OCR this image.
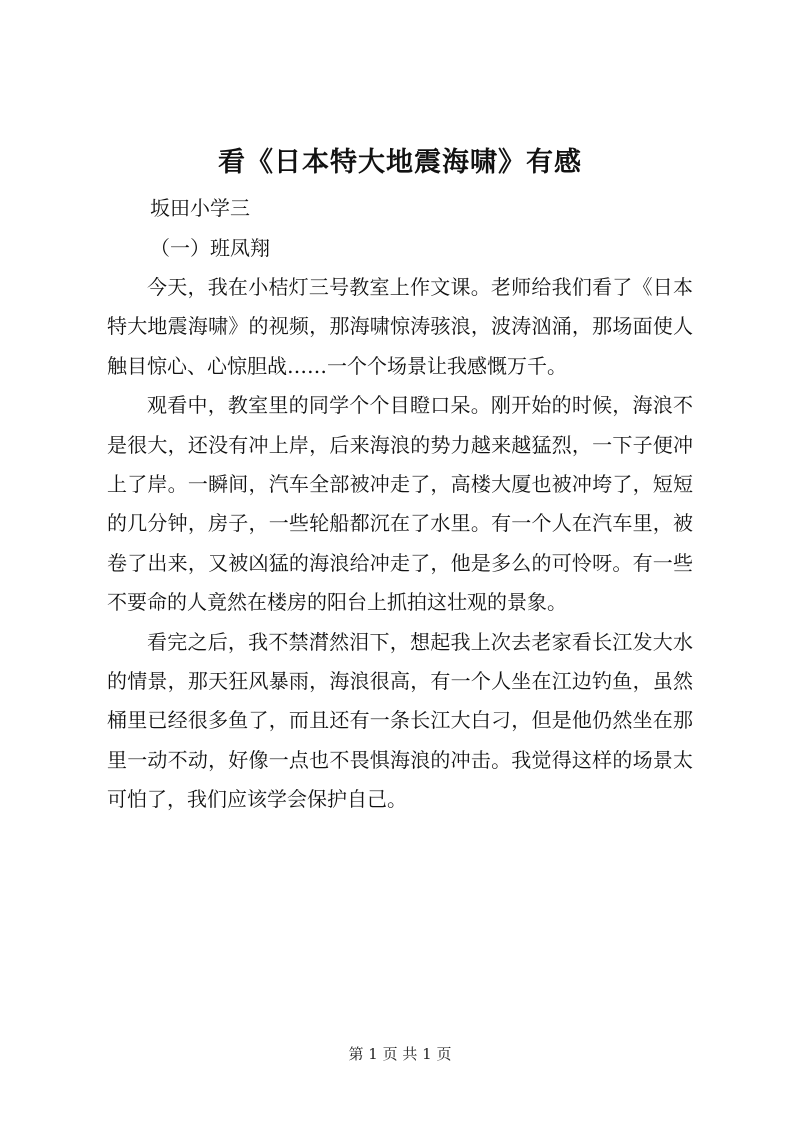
看《日本特大地震海啸》有感
坂田小学三
（一）班凤翔

今天，我在小桔灯三号教室上作文课。老师给我们看了《日本特大地震海啸》的视频，那海啸惊涛骇浪，波涛汹涌，那场面使人触目惊心、心惊胆战……一个个场景让我感慨万千。

观看中，教室里的同学个个目瞪口呆。刚开始的时候，海浪不是很大，还没有冲上岸，后来海浪的势力越来越猛烈，一下子便冲上了岸。一瞬间，汽车全部被冲走了，高楼大厦也被冲垮了，短短的几分钟，房子，一些轮船都沉在了水里。有一个人在汽车里，被卷了出来，又被凶猛的海浪给冲走了，他是多么的可怜呀。有一些不要命的人竟然在楼房的阳台上抓拍这壮观的景象。

看完之后，我不禁潸然泪下，想起我上次去老家看长江发大水的情景，那天狂风暴雨，海浪很高，有一个人坐在江边钓鱼，虽然桶里已经很多鱼了，而且还有一条长江大白刁，但是他仍然坐在那里一动不动，好像一点也不畏惧海浪的冲击。我觉得这样的场景太可怕了，我们应该学会保护自己。

第 1 页 共 1 页
